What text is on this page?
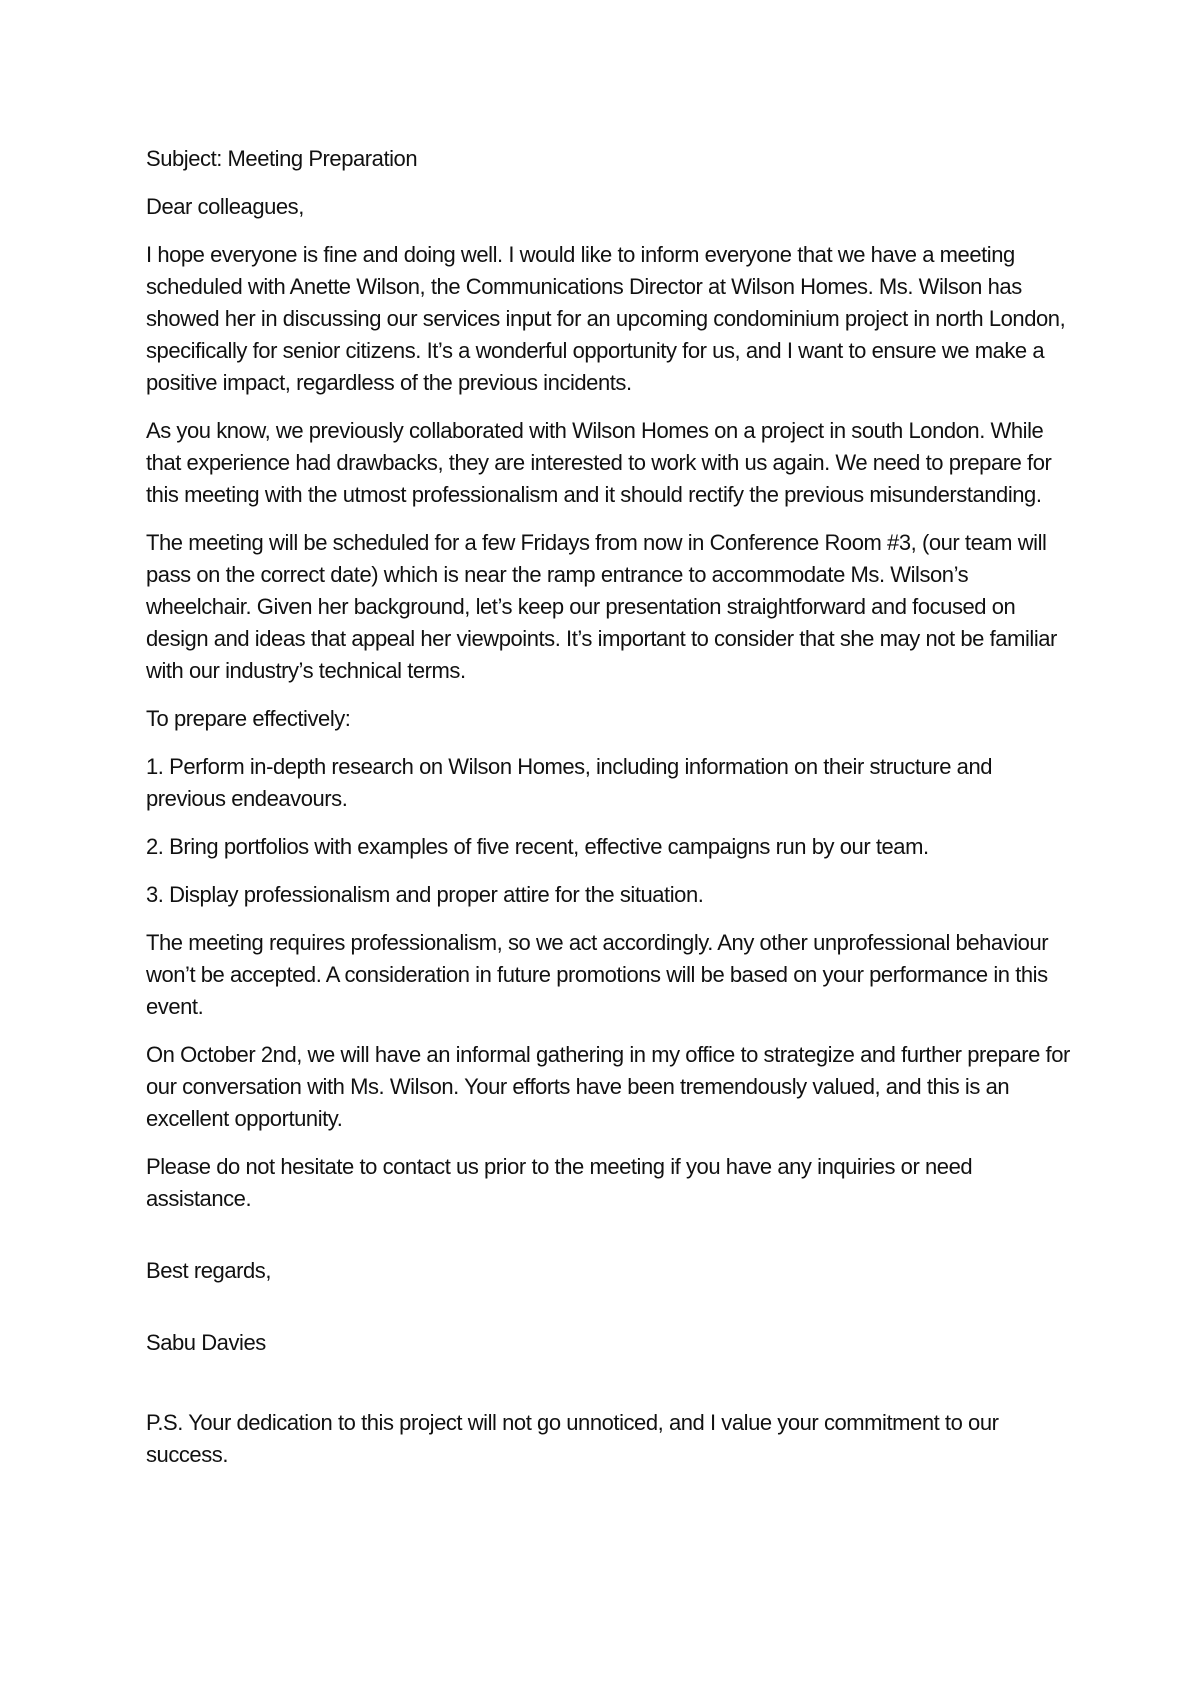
Subject: Meeting Preparation

Dear colleagues,

I hope everyone is fine and doing well. I would like to inform everyone that we have a meeting scheduled with Anette Wilson, the Communications Director at Wilson Homes. Ms. Wilson has showed her in discussing our services input for an upcoming condominium project in north London, specifically for senior citizens. It’s a wonderful opportunity for us, and I want to ensure we make a positive impact, regardless of the previous incidents.

As you know, we previously collaborated with Wilson Homes on a project in south London. While that experience had drawbacks, they are interested to work with us again. We need to prepare for this meeting with the utmost professionalism and it should rectify the previous misunderstanding.

The meeting will be scheduled for a few Fridays from now in Conference Room #3, (our team will pass on the correct date) which is near the ramp entrance to accommodate Ms. Wilson’s wheelchair. Given her background, let’s keep our presentation straightforward and focused on design and ideas that appeal her viewpoints. It’s important to consider that she may not be familiar with our industry’s technical terms.

To prepare effectively:

1. Perform in-depth research on Wilson Homes, including information on their structure and previous endeavours.

2. Bring portfolios with examples of five recent, effective campaigns run by our team.

3. Display professionalism and proper attire for the situation.

The meeting requires professionalism, so we act accordingly. Any other unprofessional behaviour won’t be accepted. A consideration in future promotions will be based on your performance in this event.

On October 2nd, we will have an informal gathering in my office to strategize and further prepare for our conversation with Ms. Wilson. Your efforts have been tremendously valued, and this is an excellent opportunity.

Please do not hesitate to contact us prior to the meeting if you have any inquiries or need assistance.

Best regards,

Sabu Davies

P.S. Your dedication to this project will not go unnoticed, and I value your commitment to our success.
